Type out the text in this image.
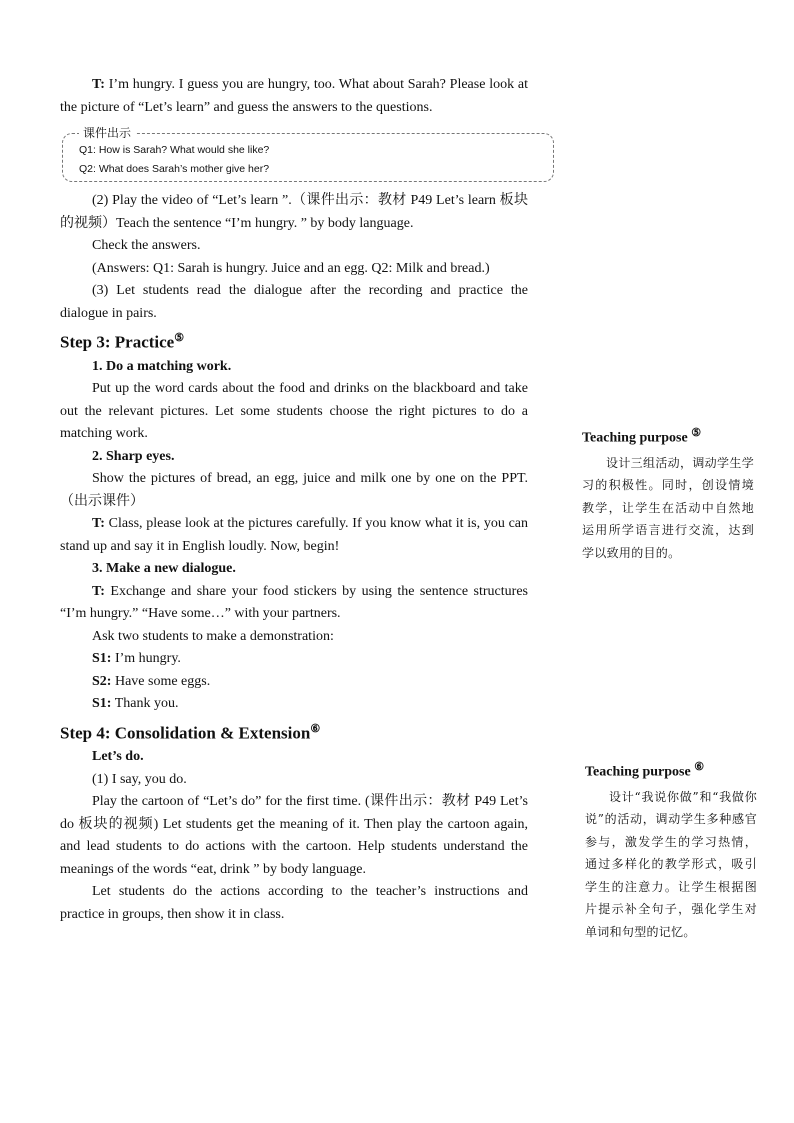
T: I’m hungry. I guess you are hungry, too. What about Sarah? Please look at the picture of “Let’s learn” and guess the answers to the questions.

课件出示
Q1: How is Sarah? What would she like?
Q2: What does Sarah’s mother give her?

(2) Play the video of “Let’s learn ”.（课件出示：教材 P49 Let’s learn 板块的视频）Teach the sentence “I’m hungry. ” by body language.

Check the answers.

(Answers: Q1: Sarah is hungry. Juice and an egg. Q2: Milk and bread.)

(3) Let students read the dialogue after the recording and practice the dialogue in pairs.

Step 3: Practice⑤

1. Do a matching work.

Put up the word cards about the food and drinks on the blackboard and take out the relevant pictures. Let some students choose the right pictures to do a matching work.

2. Sharp eyes.

Show the pictures of bread, an egg, juice and milk one by one on the PPT.（出示课件）

T: Class, please look at the pictures carefully. If you know what it is, you can stand up and say it in English loudly. Now, begin!

3. Make a new dialogue.

T: Exchange and share your food stickers by using the sentence structures “I’m hungry.” “Have some…” with your partners.

Ask two students to make a demonstration:

S1: I’m hungry.

S2: Have some eggs.

S1: Thank you.

Step 4: Consolidation & Extension⑥

Let’s do.

(1) I say, you do.

Play the cartoon of “Let’s do” for the first time. (课件出示：教材 P49 Let’s do 板块的视频) Let students get the meaning of it. Then play the cartoon again, and lead students to do actions with the cartoon. Help students understand the meanings of the words “eat, drink ” by body language.

Let students do the actions according to the teacher’s instructions and practice in groups, then show it in class.

Teaching purpose ⑤
设计三组活动，调动学生学习的积极性。同时，创设情境教学，让学生在活动中自然地运用所学语言进行交流，达到学以致用的目的。
Teaching purpose ⑥
设计“我说你做”和“我做你说”的活动，调动学生多种感官参与，激发学生的学习热情，通过多样化的教学形式，吸引学生的注意力。让学生根据图片提示补全句子，强化学生对单词和句型的记忆。
